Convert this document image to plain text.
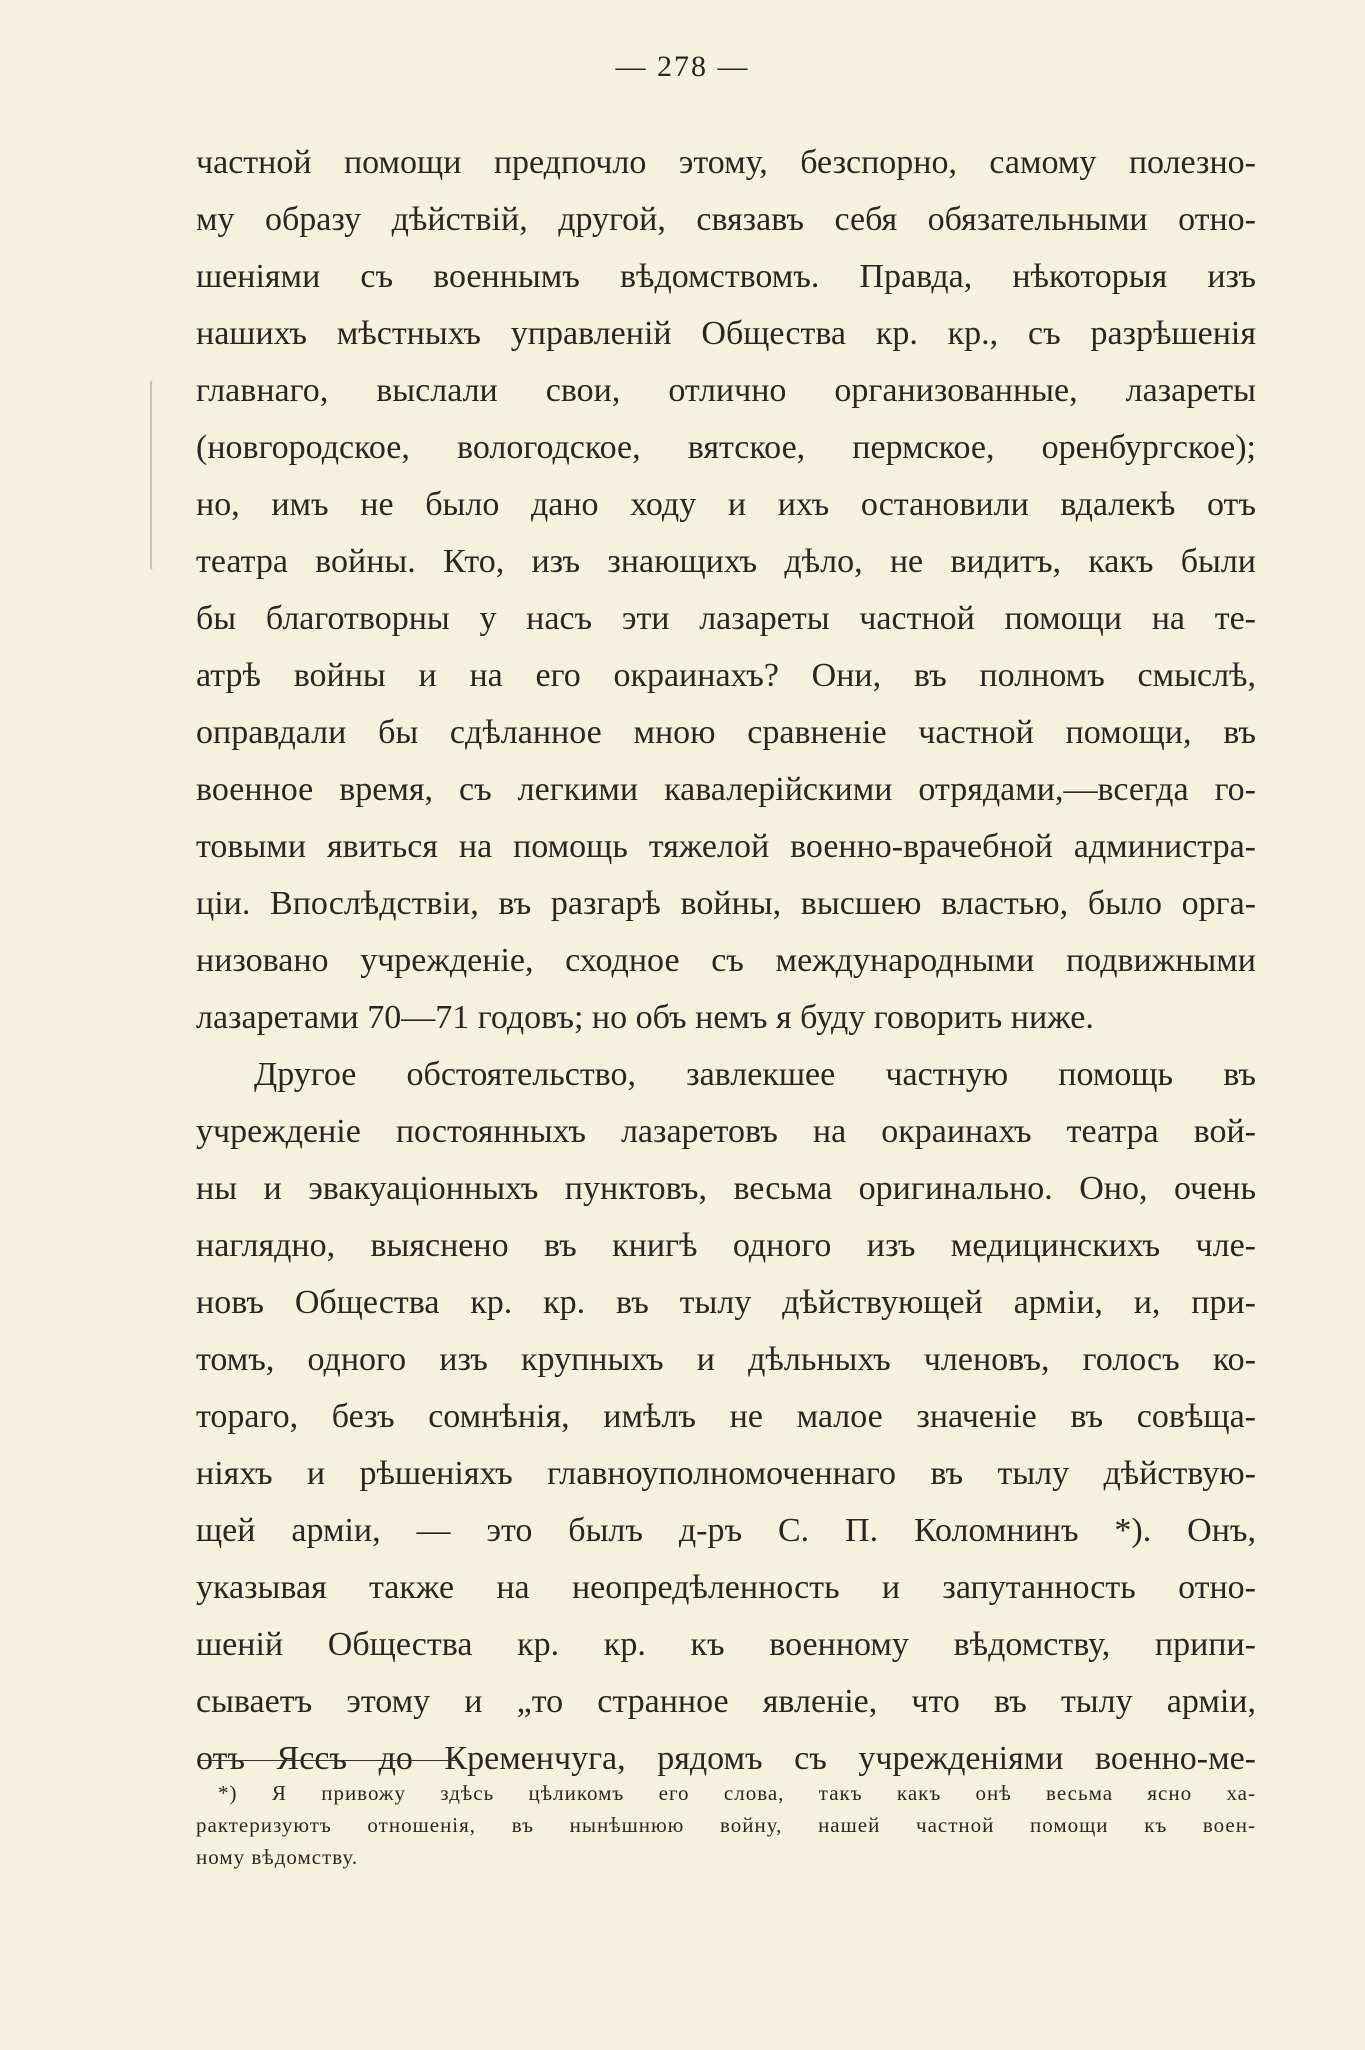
— 278 —
частной помощи предпочло этому, безспорно, самому полезно-
му образу дѣйствій, другой, связавъ себя обязательными отно-
шеніями съ военнымъ вѣдомствомъ. Правда, нѣкоторыя изъ
нашихъ мѣстныхъ управленій Общества кр. кр., съ разрѣшенія
главнаго, выслали свои, отлично организованные, лазареты
(новгородское, вологодское, вятское, пермское, оренбургское);
но, имъ не было дано ходу и ихъ остановили вдалекѣ отъ
театра войны. Кто, изъ знающихъ дѣло, не видитъ, какъ были
бы благотворны у насъ эти лазареты частной помощи на те-
атрѣ войны и на его окраинахъ? Они, въ полномъ смыслѣ,
оправдали бы сдѣланное мною сравненіе частной помощи, въ
военное время, съ легкими кавалерійскими отрядами,—всегда го-
товыми явиться на помощь тяжелой военно-врачебной администра-
ціи. Впослѣдствіи, въ разгарѣ войны, высшею властью, было орга-
низовано учрежденіе, сходное съ международными подвижными
лазаретами 70—71 годовъ; но объ немъ я буду говорить ниже.
Другое обстоятельство, завлекшее частную помощь въ
учрежденіе постоянныхъ лазаретовъ на окраинахъ театра вой-
ны и эвакуаціонныхъ пунктовъ, весьма оригинально. Оно, очень
наглядно, выяснено въ книгѣ одного изъ медицинскихъ чле-
новъ Общества кр. кр. въ тылу дѣйствующей арміи, и, при-
томъ, одного изъ крупныхъ и дѣльныхъ членовъ, голосъ ко-
тораго, безъ сомнѣнія, имѣлъ не малое значеніе въ совѣща-
ніяхъ и рѣшеніяхъ главноуполномоченнаго въ тылу дѣйствую-
щей арміи, — это былъ д-ръ С. П. Коломнинъ *). Онъ,
указывая также на неопредѣленность и запутанность отно-
шеній Общества кр. кр. къ военному вѣдомству, припи-
сываетъ этому и „то странное явленіе, что въ тылу арміи,
отъ Яссъ до Кременчуга, рядомъ съ учрежденіями военно-ме-
*) Я привожу здѣсь цѣликомъ его слова, такъ какъ онѣ весьма ясно ха-
рактеризуютъ отношенія, въ нынѣшнюю войну, нашей частной помощи къ воен-
ному вѣдомству.
